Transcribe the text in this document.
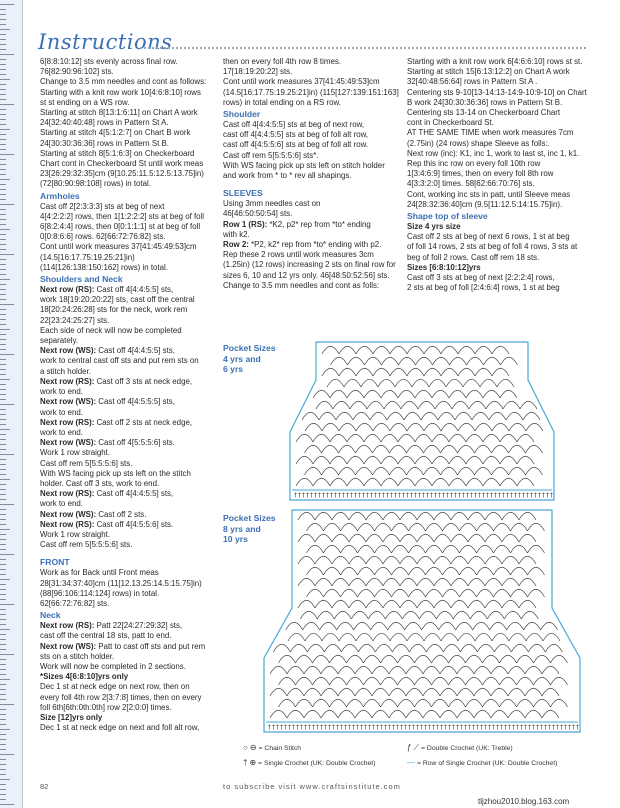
Instructions

6[8:8:10:12] sts evenly across final row.

76[82:90:96:102] sts.

Change to 3.5 mm needles and cont as follows:

Starting with a knit row work 10[4:6:8:10] rows

st st ending on a WS row.

Starting at stitch 8[13:1:6:11] on Chart A work

24[32:40:40:48] rows in Pattern St A.

Starting at stitch 4[5:1:2:7] on Chart B work

24[30:30:36:36] rows in Pattern St B.

Starting at stitch 8[5:1:6:3] on Checkerboard

Chart cont in Checkerboard St until work meas

23[26:29:32:35]cm (9[10.25:11.5:12.5:13.75]in)

(72[80:90:98:108] rows) in total.

Armholes

Cast off 2[2:3:3:3] sts at beg of next

4[4:2:2:2] rows, then 1[1:2:2:2] sts at beg of foll

6[8:2:4:4] rows, then 0[0:1:1:1] st at beg of foll

0[0:8:6:6] rows. 62[66:72:76:82] sts.

Cont until work measures 37[41:45:49:53]cm

(14.5[16:17.75:19.25:21]in)

(114[126:138:150:162] rows) in total.

Shoulders and Neck

Next row (RS): Cast off 4[4:4:5:5] sts,

work 18[19:20:20:22] sts, cast off the central

18[20:24:26:28] sts for the neck, work rem

22[23:24:25:27] sts.

Each side of neck will now be completed

separately.

Next row (WS): Cast off 4[4:4:5:5] sts,

work to central cast off sts and put rem sts on

a stitch holder.

Next row (RS): Cast off 3 sts at neck edge,

work to end.

Next row (WS): Cast off 4[4:5:5:5] sts,

work to end.

Next row (RS): Cast off 2 sts at neck edge,

work to end.

Next row (WS): Cast off 4[5:5:5:6] sts.

Work 1 row straight.

Cast off rem 5[5:5:5:6] sts.

With WS facing pick up sts left on the stitch

holder. Cast off 3 sts, work to end.

Next row (RS): Cast off 4[4:4:5:5] sts,

work to end.

Next row (WS): Cast off 2 sts.

Next row (RS): Cast off 4[4:5:5:6] sts.

Work 1 row straight.

Cast off rem 5[5:5:5:6] sts.

FRONT

Work as for Back until Front meas

28[31:34:37:40]cm (11[12.13.25:14.5:15.75]in)

(88[96:106:114:124] rows) in total.

62[66:72:76:82] sts.

Neck

Next row (RS): Patt 22[24:27:29:32] sts,

cast off the central 18 sts, patt to end.

Next row (WS): Patt to cast off sts and put rem

sts on a stitch holder.

Work will now be completed in 2 sections.

*Sizes 4[6:8:10]yrs only

Dec 1 st at neck edge on next row, then on

every foll 4th row 2[3:7:8] times, then on every

foll 6th[6th:0th:0th] row 2[2:0:0] times.

Size [12]yrs only

Dec 1 st at neck edge on next and foll alt row,

then on every foll 4th row 8 times.

17[18:19:20:22] sts.

Cont until work measures 37[41:45:49:53]cm

(14.5[16:17.75:19.25:21]in) (115[127:139:151:163]

rows) in total ending on a RS row.

Shoulder

Cast off 4[4:4:5:5] sts at beg of next row,

cast off 4[4:4:5:5] sts at beg of foll alt row,

cast off 4[4:5:5:6] sts at beg of foll alt row.

Cast off rem 5[5:5:5:6] sts*.

With WS facing pick up sts left on stitch holder

and work from * to * rev all shapings.

SLEEVES

Using 3mm needles cast on

46[46:50:50:54] sts.

Row 1 (RS): *K2, p2* rep from *to* ending

with k2.

Row 2: *P2, k2* rep from *to* ending with p2.

Rep these 2 rows until work measures 3cm

(1.25in) (12 rows) increasing 2 sts on final row for

sizes 6, 10 and 12 yrs only. 46[48:50:52:56] sts.

Change to 3.5 mm needles and cont as folls:

Starting with a knit row work 6[4:6:6:10] rows st st.

Starting at stitch 15[6:13:12:2] on Chart A work

32[40:48:56:64] rows in Pattern St A .

Centering sts 9-10[13-14:13-14:9-10:9-10] on Chart

B work 24[30:30:36:36] rows in Pattern St B.

Centering sts 13-14 on Checkerboard Chart

cont in Checkerboard St.

AT THE SAME TIME when work measures 7cm

(2.75in) (24 rows) shape Sleeve as folls:.

Next row (inc): K1, inc 1, work to last st, inc 1, k1.

Rep this inc row on every foll 10th row

1[3:4:6:9] times, then on every foll 8th row

4[3:3:2:0] times. 58[62:66:70:76] sts.

Cont, working inc sts in patt, until Sleeve meas

24[28:32:36:40]cm (9.5[11:12.5:14:15.75]in).

Shape top of sleeve

Size 4 yrs size

Cast off 2 sts at beg of next 6 rows, 1 st at beg

of foll 14 rows, 2 sts at beg of foll 4 rows, 3 sts at

beg of foll 2 rows. Cast off rem 18 sts.

Sizes [6:8:10:12]yrs

Cast off 3 sts at beg of next [2:2:2:4] rows,

2 sts at beg of foll [2:4:6:4] rows, 1 st at beg

Pocket Sizes
4 yrs and
6 yrs
Pocket Sizes
8 yrs and
10 yrs
† † † † † † † † † † † † † † † † † † † † † † † † † † † † † † † † † † † † † † † † † † † † † † † † † † † † † † † † † † † † † † † † †
† † † † † † † † † † † † † † † † † † † † † † † † † † † † † † † † † † † † † † † † † † † † † † † † † † † † † † † † † † † † † † † † † † † † † † † † † † † † † †
○ ⊖ = Chain Stitch	ƒ ⟋ = Double Crochet (UK: Treble)
† ⊕ = Single Crochet (UK: Double Crochet)	— = Row of Single Crochet (UK: Double Crochet)
82	to subscribe visit www.craftsinstitute.com
tljzhou2010.blog.163.com
